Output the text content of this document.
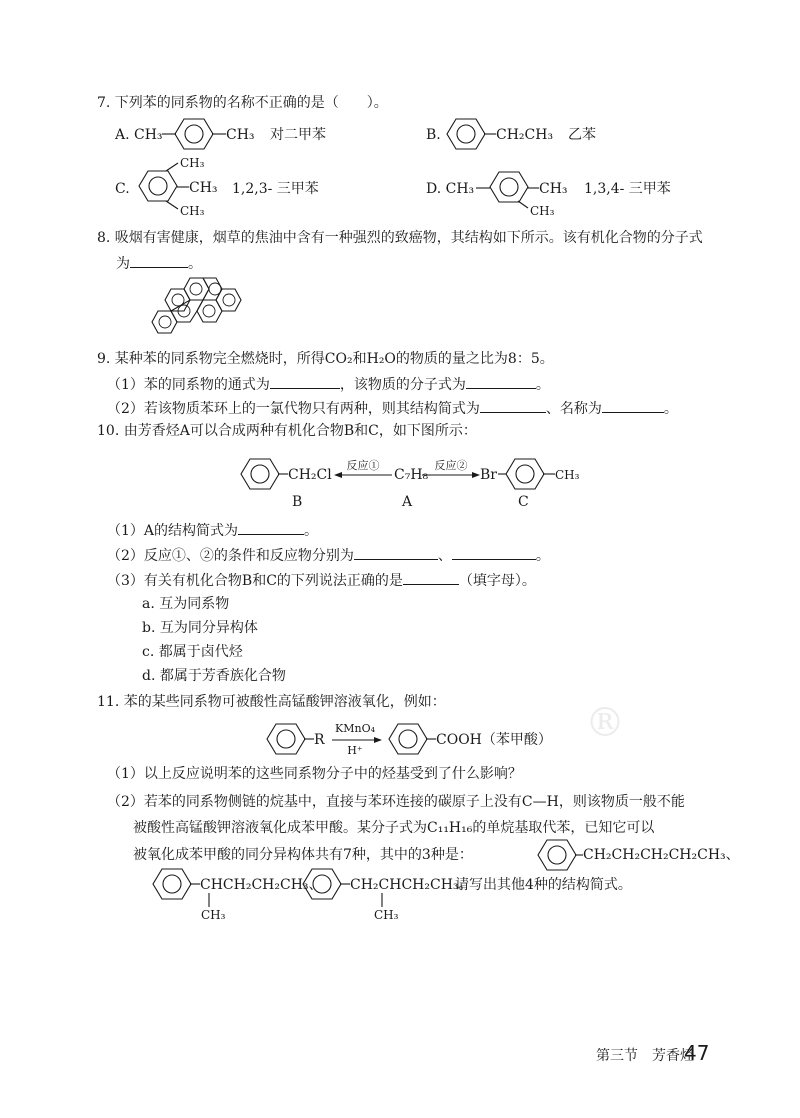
®
7. 下列苯的同系物的名称不正确的是（　　）。
A. CH₃	CH₃ 对二甲苯	B.	CH₂CH₃ 乙苯
C.
CH₃
CH₃
CH₃
1,2,3- 三甲苯	D. CH₃	CH₃
CH₃
1,3,4- 三甲苯
8. 吸烟有害健康，烟草的焦油中含有一种强烈的致癌物，其结构如下所示。该有机化合物的分子式
为	。
9. 某种苯的同系物完全燃烧时，所得CO₂和H₂O的物质的量之比为8：5。
（1）苯的同系物的通式为	，该物质的分子式为	。
（2）若该物质苯环上的一氯代物只有两种，则其结构简式为	、名称为	。
10. 由芳香烃A可以合成两种有机化合物B和C，如下图所示：
CH₂Cl
反应①
C₇H₈
反应②
Br	CH₃
B	A	C
（1）A的结构简式为	。
（2）反应①、②的条件和反应物分别为	、	。
（3）有关有机化合物B和C的下列说法正确的是	（填字母）。
a. 互为同系物
b. 互为同分异构体
c. 都属于卤代烃
d. 都属于芳香族化合物
11. 苯的某些同系物可被酸性高锰酸钾溶液氧化，例如：
R
KMnO₄
H⁺
COOH（苯甲酸）
（1）以上反应说明苯的这些同系物分子中的烃基受到了什么影响？
（2）若苯的同系物侧链的烷基中，直接与苯环连接的碳原子上没有C—H，则该物质一般不能
被酸性高锰酸钾溶液氧化成苯甲酸。某分子式为C₁₁H₁₆的单烷基取代苯，已知它可以
被氧化成苯甲酸的同分异构体共有7种，其中的3种是：	CH₂CH₂CH₂CH₂CH₃、
CHCH₂CH₂CH₃、
CH₃
CH₂CHCH₂CH₃。
CH₃
请写出其他4种的结构简式。
第三节　芳香烃
47
